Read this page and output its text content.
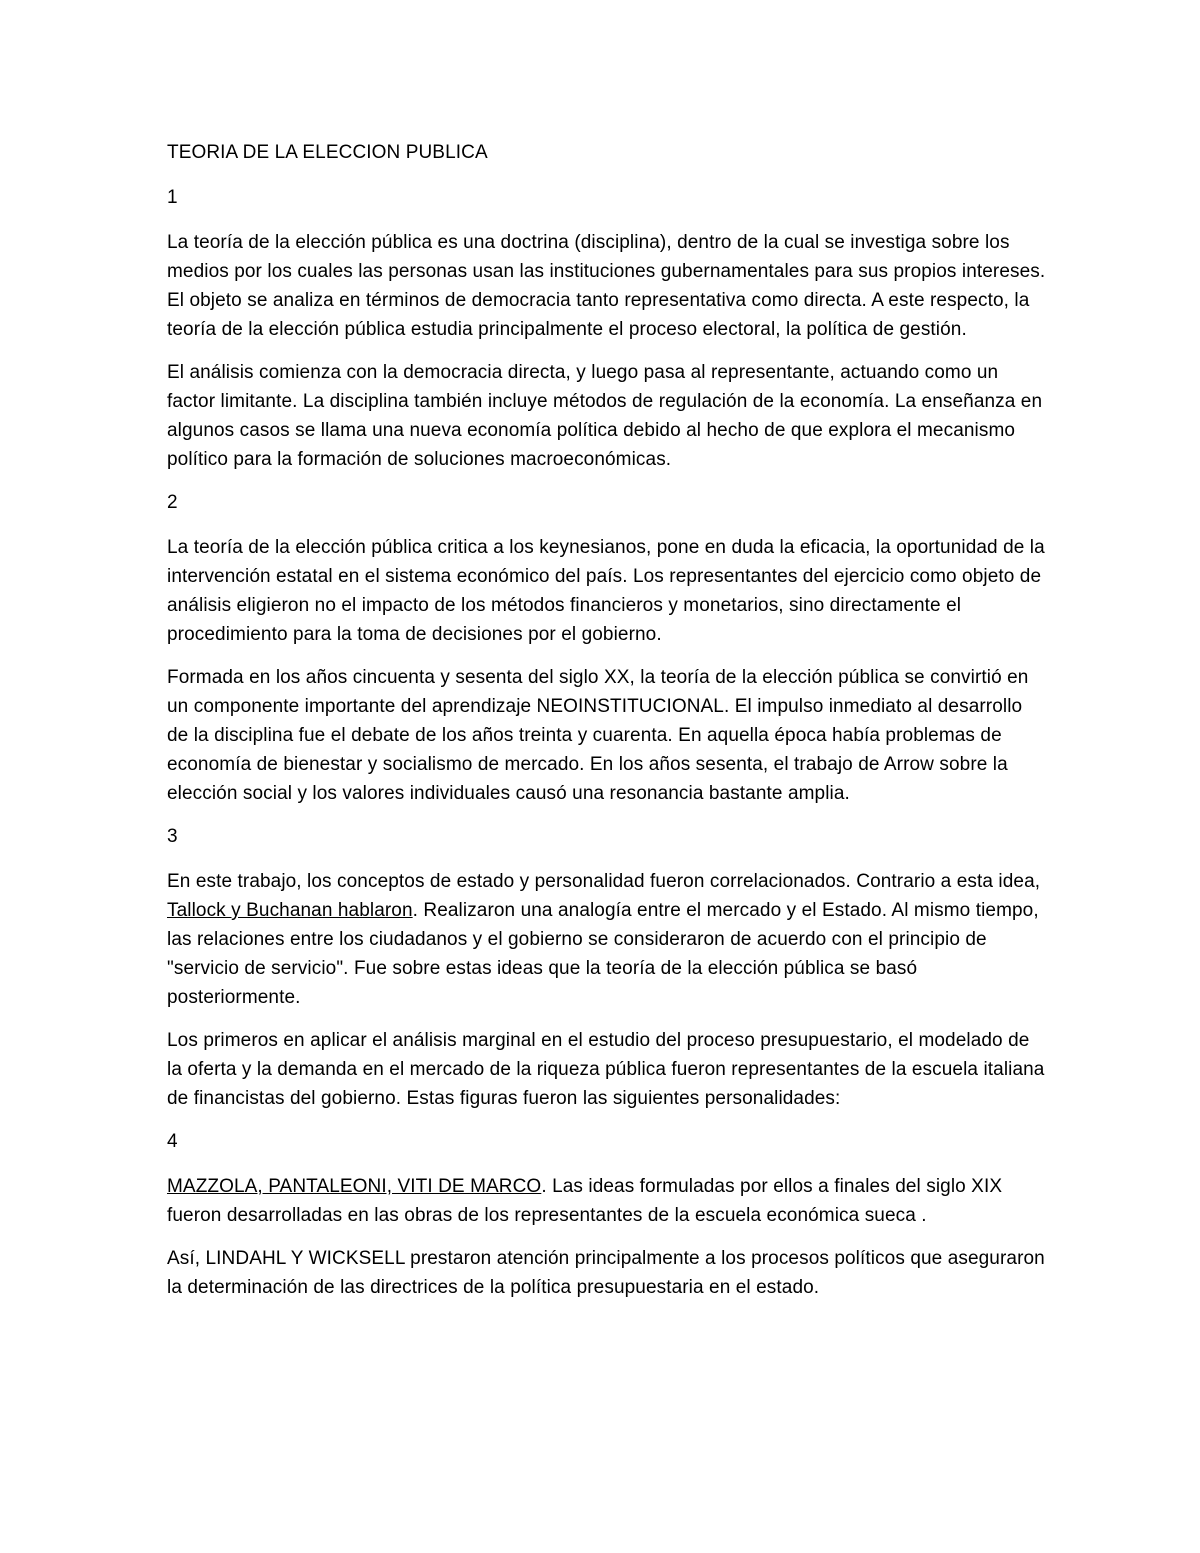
TEORIA DE LA ELECCION PUBLICA
1

La teoría de la elección pública es una doctrina (disciplina), dentro de la cual se investiga sobre los medios por los cuales las personas usan las instituciones gubernamentales para sus propios intereses. El objeto se analiza en términos de democracia tanto representativa como directa. A este respecto, la teoría de la elección pública estudia principalmente el proceso electoral, la política de gestión.

El análisis comienza con la democracia directa, y luego pasa al representante, actuando como un factor limitante. La disciplina también incluye métodos de regulación de la economía. La enseñanza en algunos casos se llama una nueva economía política debido al hecho de que explora el mecanismo político para la formación de soluciones macroeconómicas.

2

La teoría de la elección pública critica a los keynesianos, pone en duda la eficacia, la oportunidad de la intervención estatal en el sistema económico del país. Los representantes del ejercicio como objeto de análisis eligieron no el impacto de los métodos financieros y monetarios, sino directamente el procedimiento para la toma de decisiones por el gobierno.

Formada en los años cincuenta y sesenta del siglo XX, la teoría de la elección pública se convirtió en un componente importante del aprendizaje NEOINSTITUCIONAL. El impulso inmediato al desarrollo de la disciplina fue el debate de los años treinta y cuarenta. En aquella época había problemas de economía de bienestar y socialismo de mercado. En los años sesenta, el trabajo de Arrow sobre la elección social y los valores individuales causó una resonancia bastante amplia.

3

En este trabajo, los conceptos de estado y personalidad fueron correlacionados. Contrario a esta idea, Tallock y Buchanan hablaron. Realizaron una analogía entre el mercado y el Estado. Al mismo tiempo, las relaciones entre los ciudadanos y el gobierno se consideraron de acuerdo con el principio de "servicio de servicio". Fue sobre estas ideas que la teoría de la elección pública se basó posteriormente.

Los primeros en aplicar el análisis marginal en el estudio del proceso presupuestario, el modelado de la oferta y la demanda en el mercado de la riqueza pública fueron representantes de la escuela italiana de financistas del gobierno. Estas figuras fueron las siguientes personalidades:

4

MAZZOLA, PANTALEONI, VITI DE MARCO. Las ideas formuladas por ellos a finales del siglo XIX fueron desarrolladas en las obras de los representantes de la escuela económica sueca .

Así, LINDAHL Y WICKSELL prestaron atención principalmente a los procesos políticos que aseguraron la determinación de las directrices de la política presupuestaria en el estado.
